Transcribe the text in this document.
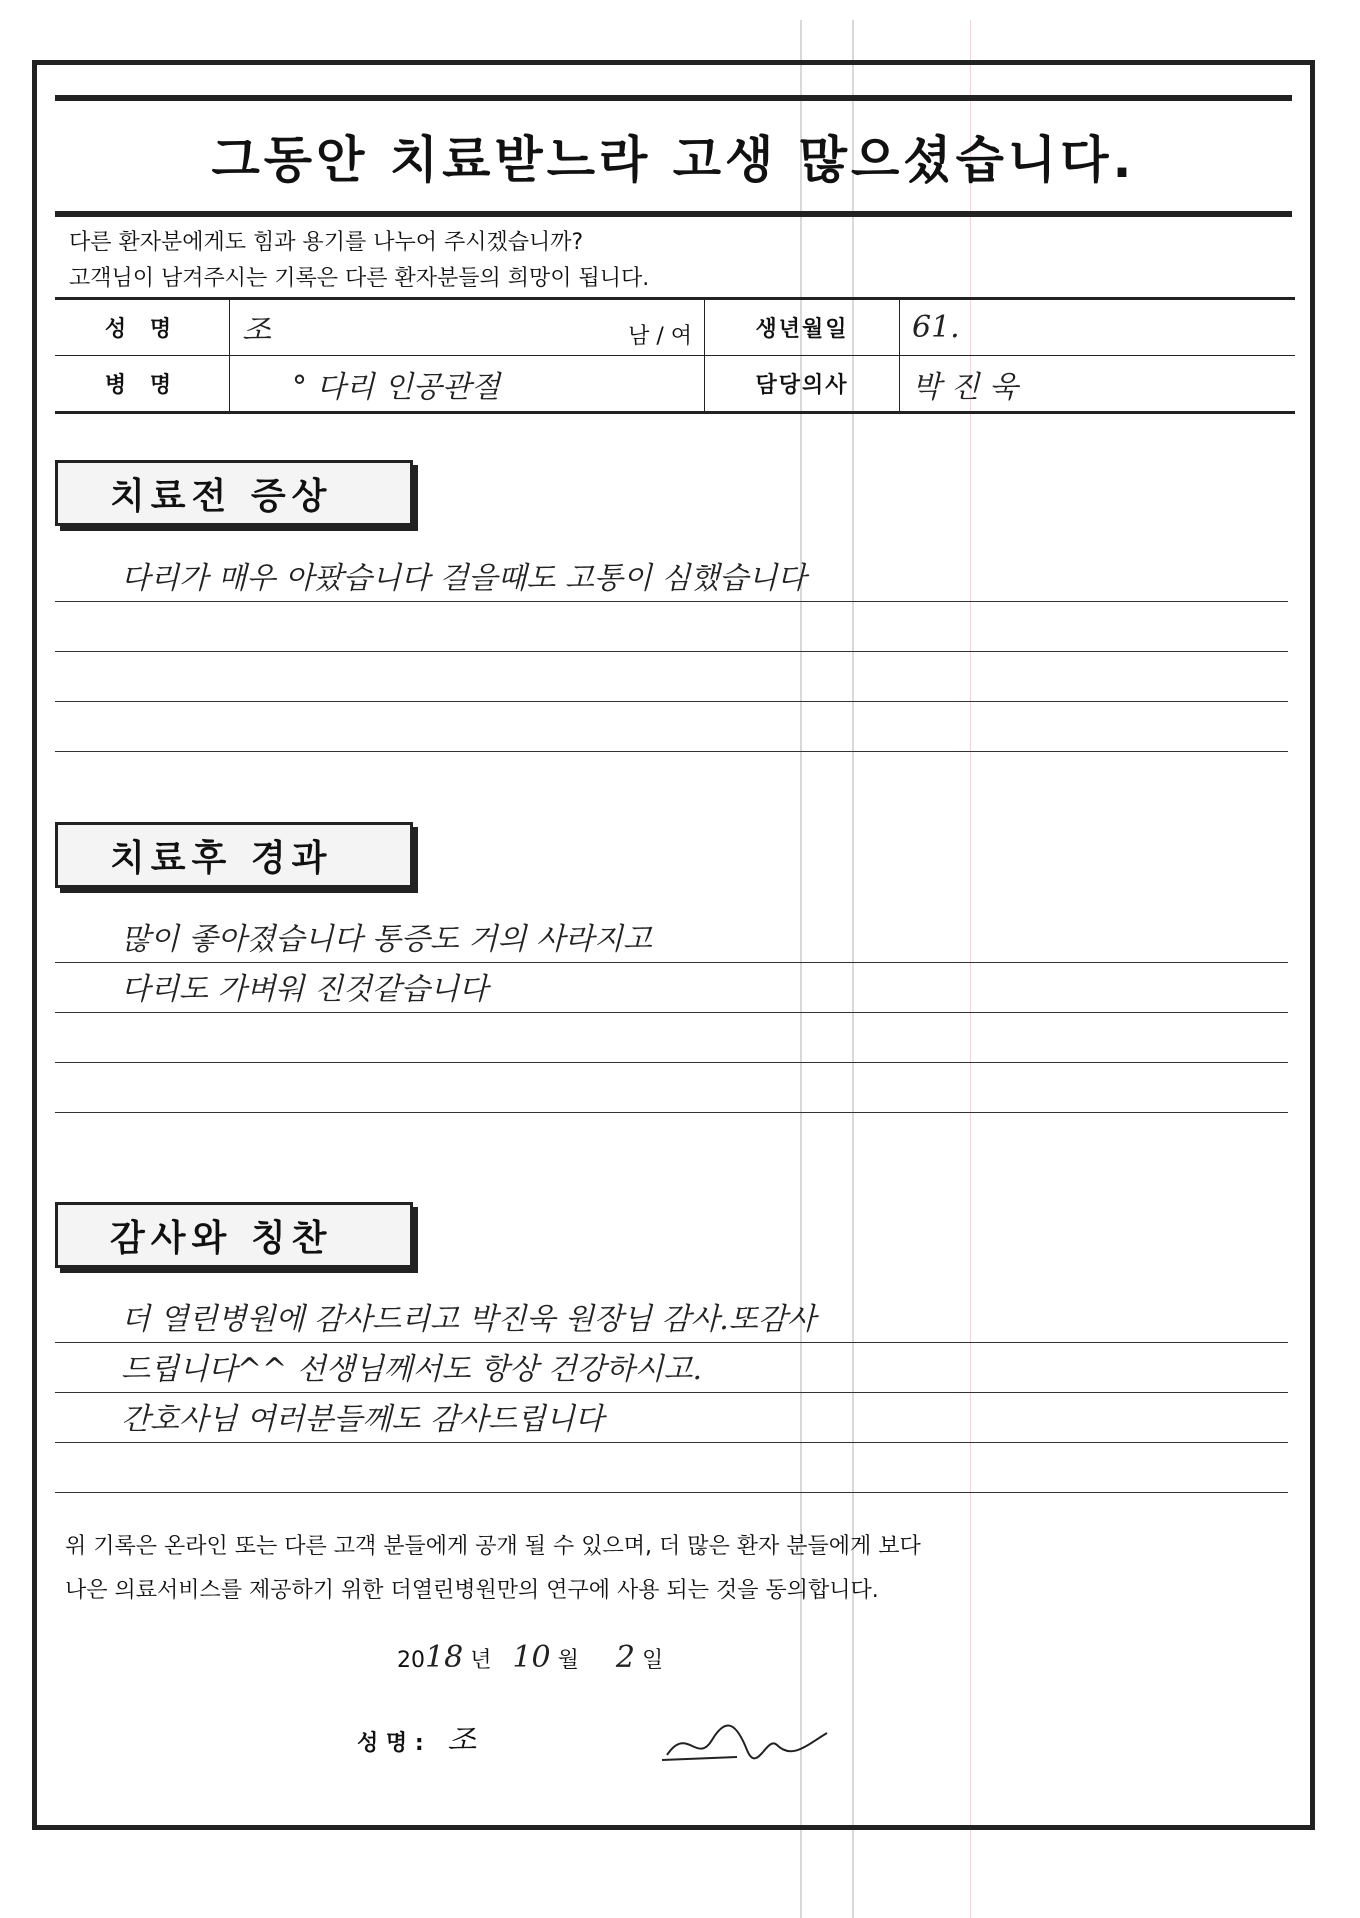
그동안 치료받느라 고생 많으셨습니다.
다른 환자분에게도 힘과 용기를 나누어 주시겠습니까?
고객님이 남겨주시는 기록은 다른 환자분들의 희망이 됩니다.
성 명	조 남 / 여	생년월일	61.
병 명	° 다리 인공관절	담당의사	박 진 욱
치료전 증상
다리가 매우 아팠습니다 걸을때도 고통이 심했습니다
치료후 경과
많이 좋아졌습니다 통증도 거의 사라지고
다리도 가벼워 진것같습니다
감사와 칭찬
더 열린병원에 감사드리고 박진욱 원장님 감사.또감사
드립니다^^ 선생님께서도 항상 건강하시고.
간호사님 여러분들께도 감사드립니다
위 기록은 온라인 또는 다른 고객 분들에게 공개 될 수 있으며, 더 많은 환자 분들에게 보다
나은 의료서비스를 제공하기 위한 더열린병원만의 연구에 사용 되는 것을 동의합니다.
2018 년 10 월 2 일
성 명 : 조
